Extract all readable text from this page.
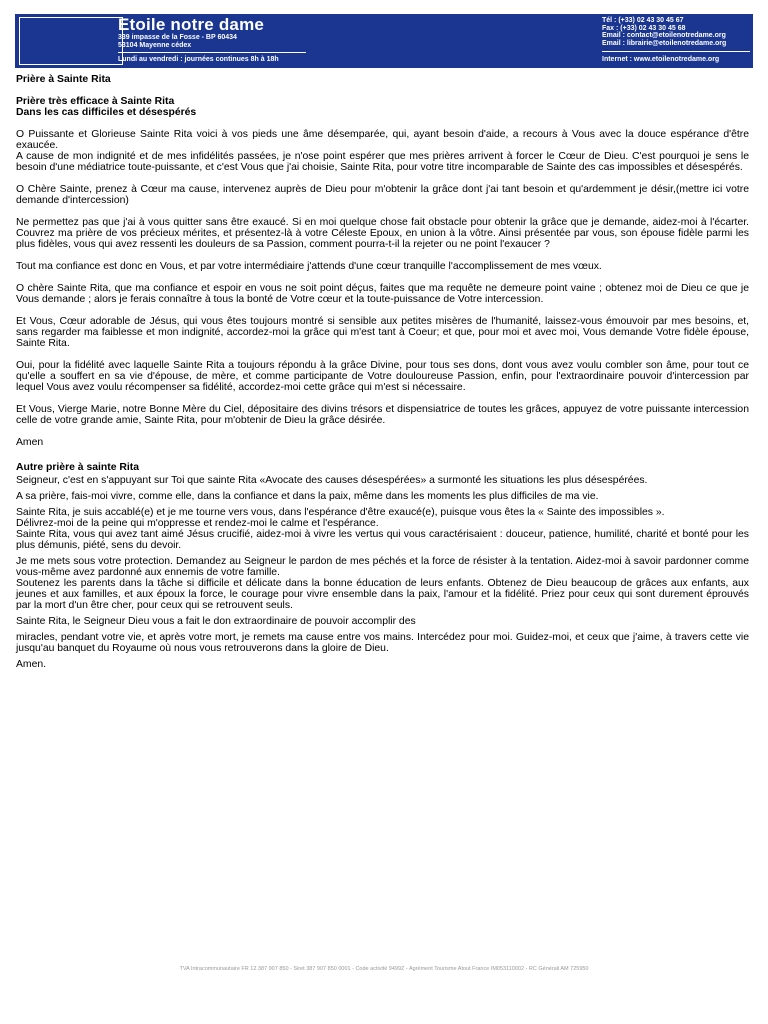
Etoile notre dame
339 impasse de la Fosse - BP 60434
53104 Mayenne cédex
Lundi au vendredi : journées continues 8h à 18h
Tél : (+33) 02 43 30 45 67
Fax : (+33) 02 43 30 45 68
Email : contact@etoilenotredame.org
Email : librairie@etoilenotredame.org
Internet : www.etoilenotredame.org
Prière à Sainte Rita
Prière très efficace à Sainte Rita
Dans les cas difficiles et désespérés

O Puissante et Glorieuse Sainte Rita voici à vos pieds une âme désemparée, qui, ayant besoin d'aide, a recours à Vous avec la douce espérance d'être exaucée.

A cause de mon indignité et de mes infidélités passées, je n'ose point espérer que mes prières arrivent à forcer le Cœur de Dieu. C'est pourquoi je sens le besoin d'une médiatrice toute-puissante, et c'est Vous que j'ai choisie, Sainte Rita, pour votre titre incomparable de Sainte des cas impossibles et désespérés.

O Chère Sainte, prenez à Cœur ma cause, intervenez auprès de Dieu pour m'obtenir la grâce dont j'ai tant besoin et qu'ardemment je désir,(mettre ici votre demande d'intercession)

Ne permettez pas que j'ai à vous quitter sans être exaucé. Si en moi quelque chose fait obstacle pour obtenir la grâce que je demande, aidez-moi à l'écarter. Couvrez ma prière de vos précieux mérites, et présentez-là à votre Céleste Epoux, en union à la vôtre. Ainsi présentée par vous, son épouse fidèle parmi les plus fidèles, vous qui avez ressenti les douleurs de sa Passion, comment pourra-t-il la rejeter ou ne point l'exaucer ?

Tout ma confiance est donc en Vous, et par votre intermédiaire j'attends d'une cœur tranquille l'accomplissement de mes vœux.

O chère Sainte Rita, que ma confiance et espoir en vous ne soit point déçus, faites que ma requête ne demeure point vaine ; obtenez moi de Dieu ce que je Vous demande ; alors je ferais connaître à tous la bonté de Votre cœur et la toute-puissance de Votre intercession.

Et Vous, Cœur adorable de Jésus, qui vous êtes toujours montré si sensible aux petites misères de l'humanité, laissez-vous émouvoir par mes besoins, et, sans regarder ma faiblesse et mon indignité, accordez-moi la grâce qui m'est tant à Coeur; et que, pour moi et avec moi, Vous demande Votre fidèle épouse, Sainte Rita.

Oui, pour la fidélité avec laquelle Sainte Rita a toujours répondu à la grâce Divine, pour tous ses dons, dont vous avez voulu combler son âme, pour tout ce qu'elle a souffert en sa vie d'épouse, de mère, et comme participante de Votre douloureuse Passion, enfin, pour l'extraordinaire pouvoir d'intercession par lequel Vous avez voulu récompenser sa fidélité, accordez-moi cette grâce qui m'est si nécessaire.

Et Vous, Vierge Marie, notre Bonne Mère du Ciel, dépositaire des divins trésors et dispensiatrice de toutes les grâces, appuyez de votre puissante intercession celle de votre grande amie, Sainte Rita, pour m'obtenir de Dieu la grâce désirée.

Amen

Autre prière à sainte Rita

Seigneur, c'est en s'appuyant sur Toi que sainte Rita «Avocate des causes désespérées» a surmonté les situations les plus désespérées.

A sa prière, fais-moi vivre, comme elle, dans la confiance et dans la paix, même dans les moments les plus difficiles de ma vie.

Sainte Rita, je suis accablé(e) et je me tourne vers vous, dans l'espérance d'être exaucé(e), puisque vous êtes la « Sainte des impossibles ».

Délivrez-moi de la peine qui m'oppresse et rendez-moi le calme et l'espérance.

Sainte Rita, vous qui avez tant aimé Jésus crucifié, aidez-moi à vivre les vertus qui vous caractérisaient : douceur, patience, humilité, charité et bonté pour les plus démunis, piété, sens du devoir.

Je me mets sous votre protection. Demandez au Seigneur le pardon de mes péchés et la force de résister à la tentation. Aidez-moi à savoir pardonner comme vous-même avez pardonné aux ennemis de votre famille.

Soutenez les parents dans la tâche si difficile et délicate dans la bonne éducation de leurs enfants. Obtenez de Dieu beaucoup de grâces aux enfants, aux jeunes et aux familles, et aux époux la force, le courage pour vivre ensemble dans la paix, l'amour et la fidélité. Priez pour ceux qui sont durement éprouvés par la mort d'un être cher, pour ceux qui se retrouvent seuls.

Sainte Rita, le Seigneur Dieu vous a fait le don extraordinaire de pouvoir accomplir des

miracles, pendant votre vie, et après votre mort, je remets ma cause entre vos mains. Intercédez pour moi. Guidez-moi, et ceux que j'aime, à travers cette vie jusqu'au banquet du Royaume où nous vous retrouverons dans la gloire de Dieu.

Amen.

TVA Intracommunautaire FR 12 387 907 850 - Siret 387 907 850 0001 - Code activité 9499Z - Agrément Tourisme Atout France IM053110002 - RC Générali AM 725950
